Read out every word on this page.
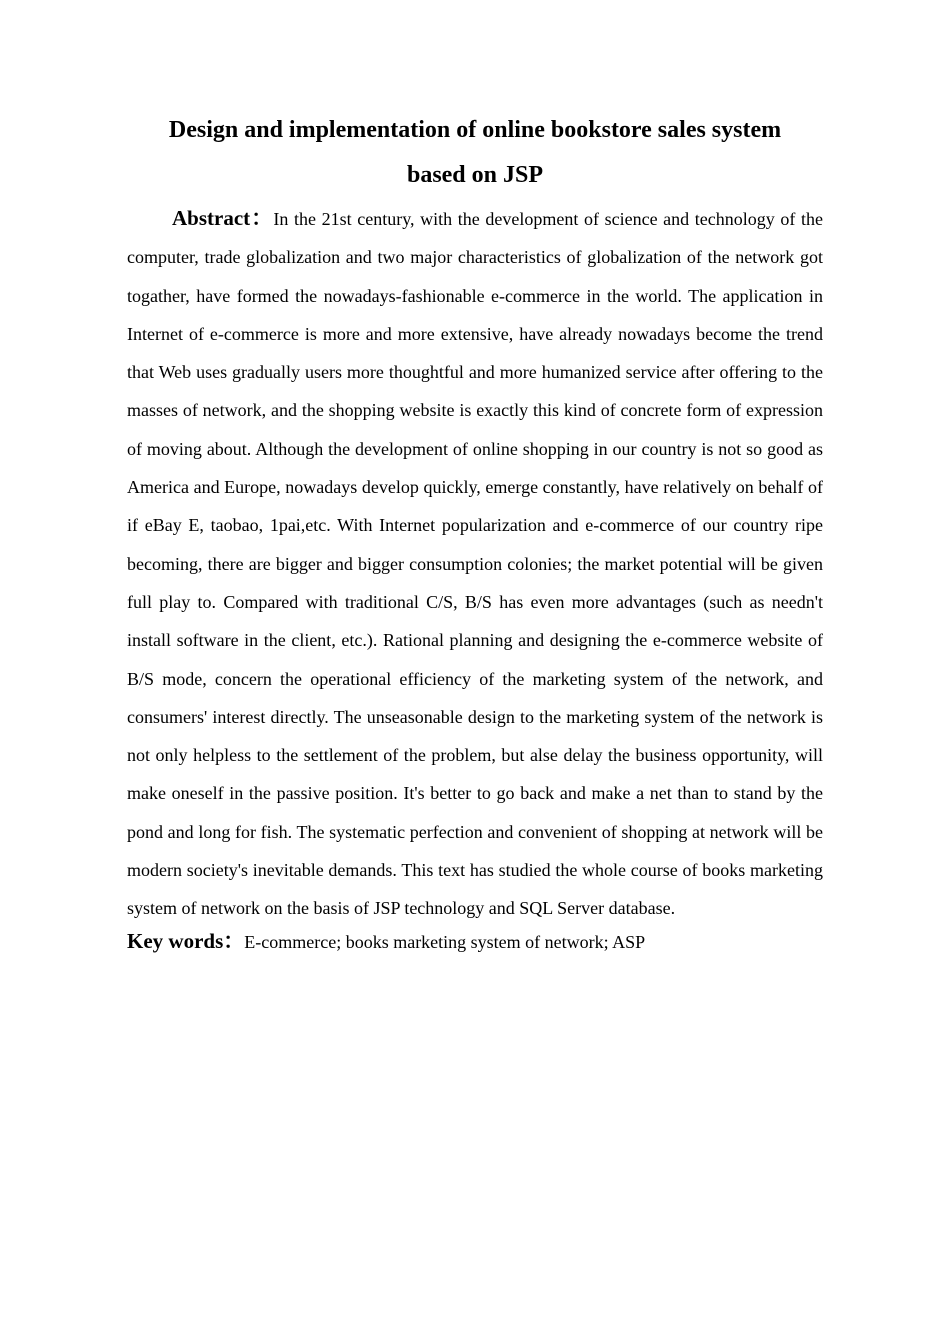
Design and implementation of online bookstore sales system
based on JSP

Abstract：In the 21st century, with the development of science and technology of the computer, trade globalization and two major characteristics of globalization of the network got togather, have formed the nowadays-fashionable e-commerce in the world. The application in Internet of e-commerce is more and more extensive, have already nowadays become the trend that Web uses gradually users more thoughtful and more humanized service after offering to the masses of network, and the shopping website is exactly this kind of concrete form of expression of moving about. Although the development of online shopping in our country is not so good as America and Europe, nowadays develop quickly, emerge constantly, have relatively on behalf of if eBay E, taobao, 1pai,etc. With Internet popularization and e-commerce of our country ripe becoming, there are bigger and bigger consumption colonies; the market potential will be given full play to. Compared with traditional C/S, B/S has even more advantages (such as needn't install software in the client, etc.). Rational planning and designing the e-commerce website of B/S mode, concern the operational efficiency of the marketing system of the network, and consumers' interest directly. The unseasonable design to the marketing system of the network is not only helpless to the settlement of the problem, but alse delay the business opportunity, will make oneself in the passive position. It's better to go back and make a net than to stand by the pond and long for fish. The systematic perfection and convenient of shopping at network will be modern society's inevitable demands. This text has studied the whole course of books marketing system of network on the basis of JSP technology and SQL Server database.

Key words：E-commerce; books marketing system of network; ASP
